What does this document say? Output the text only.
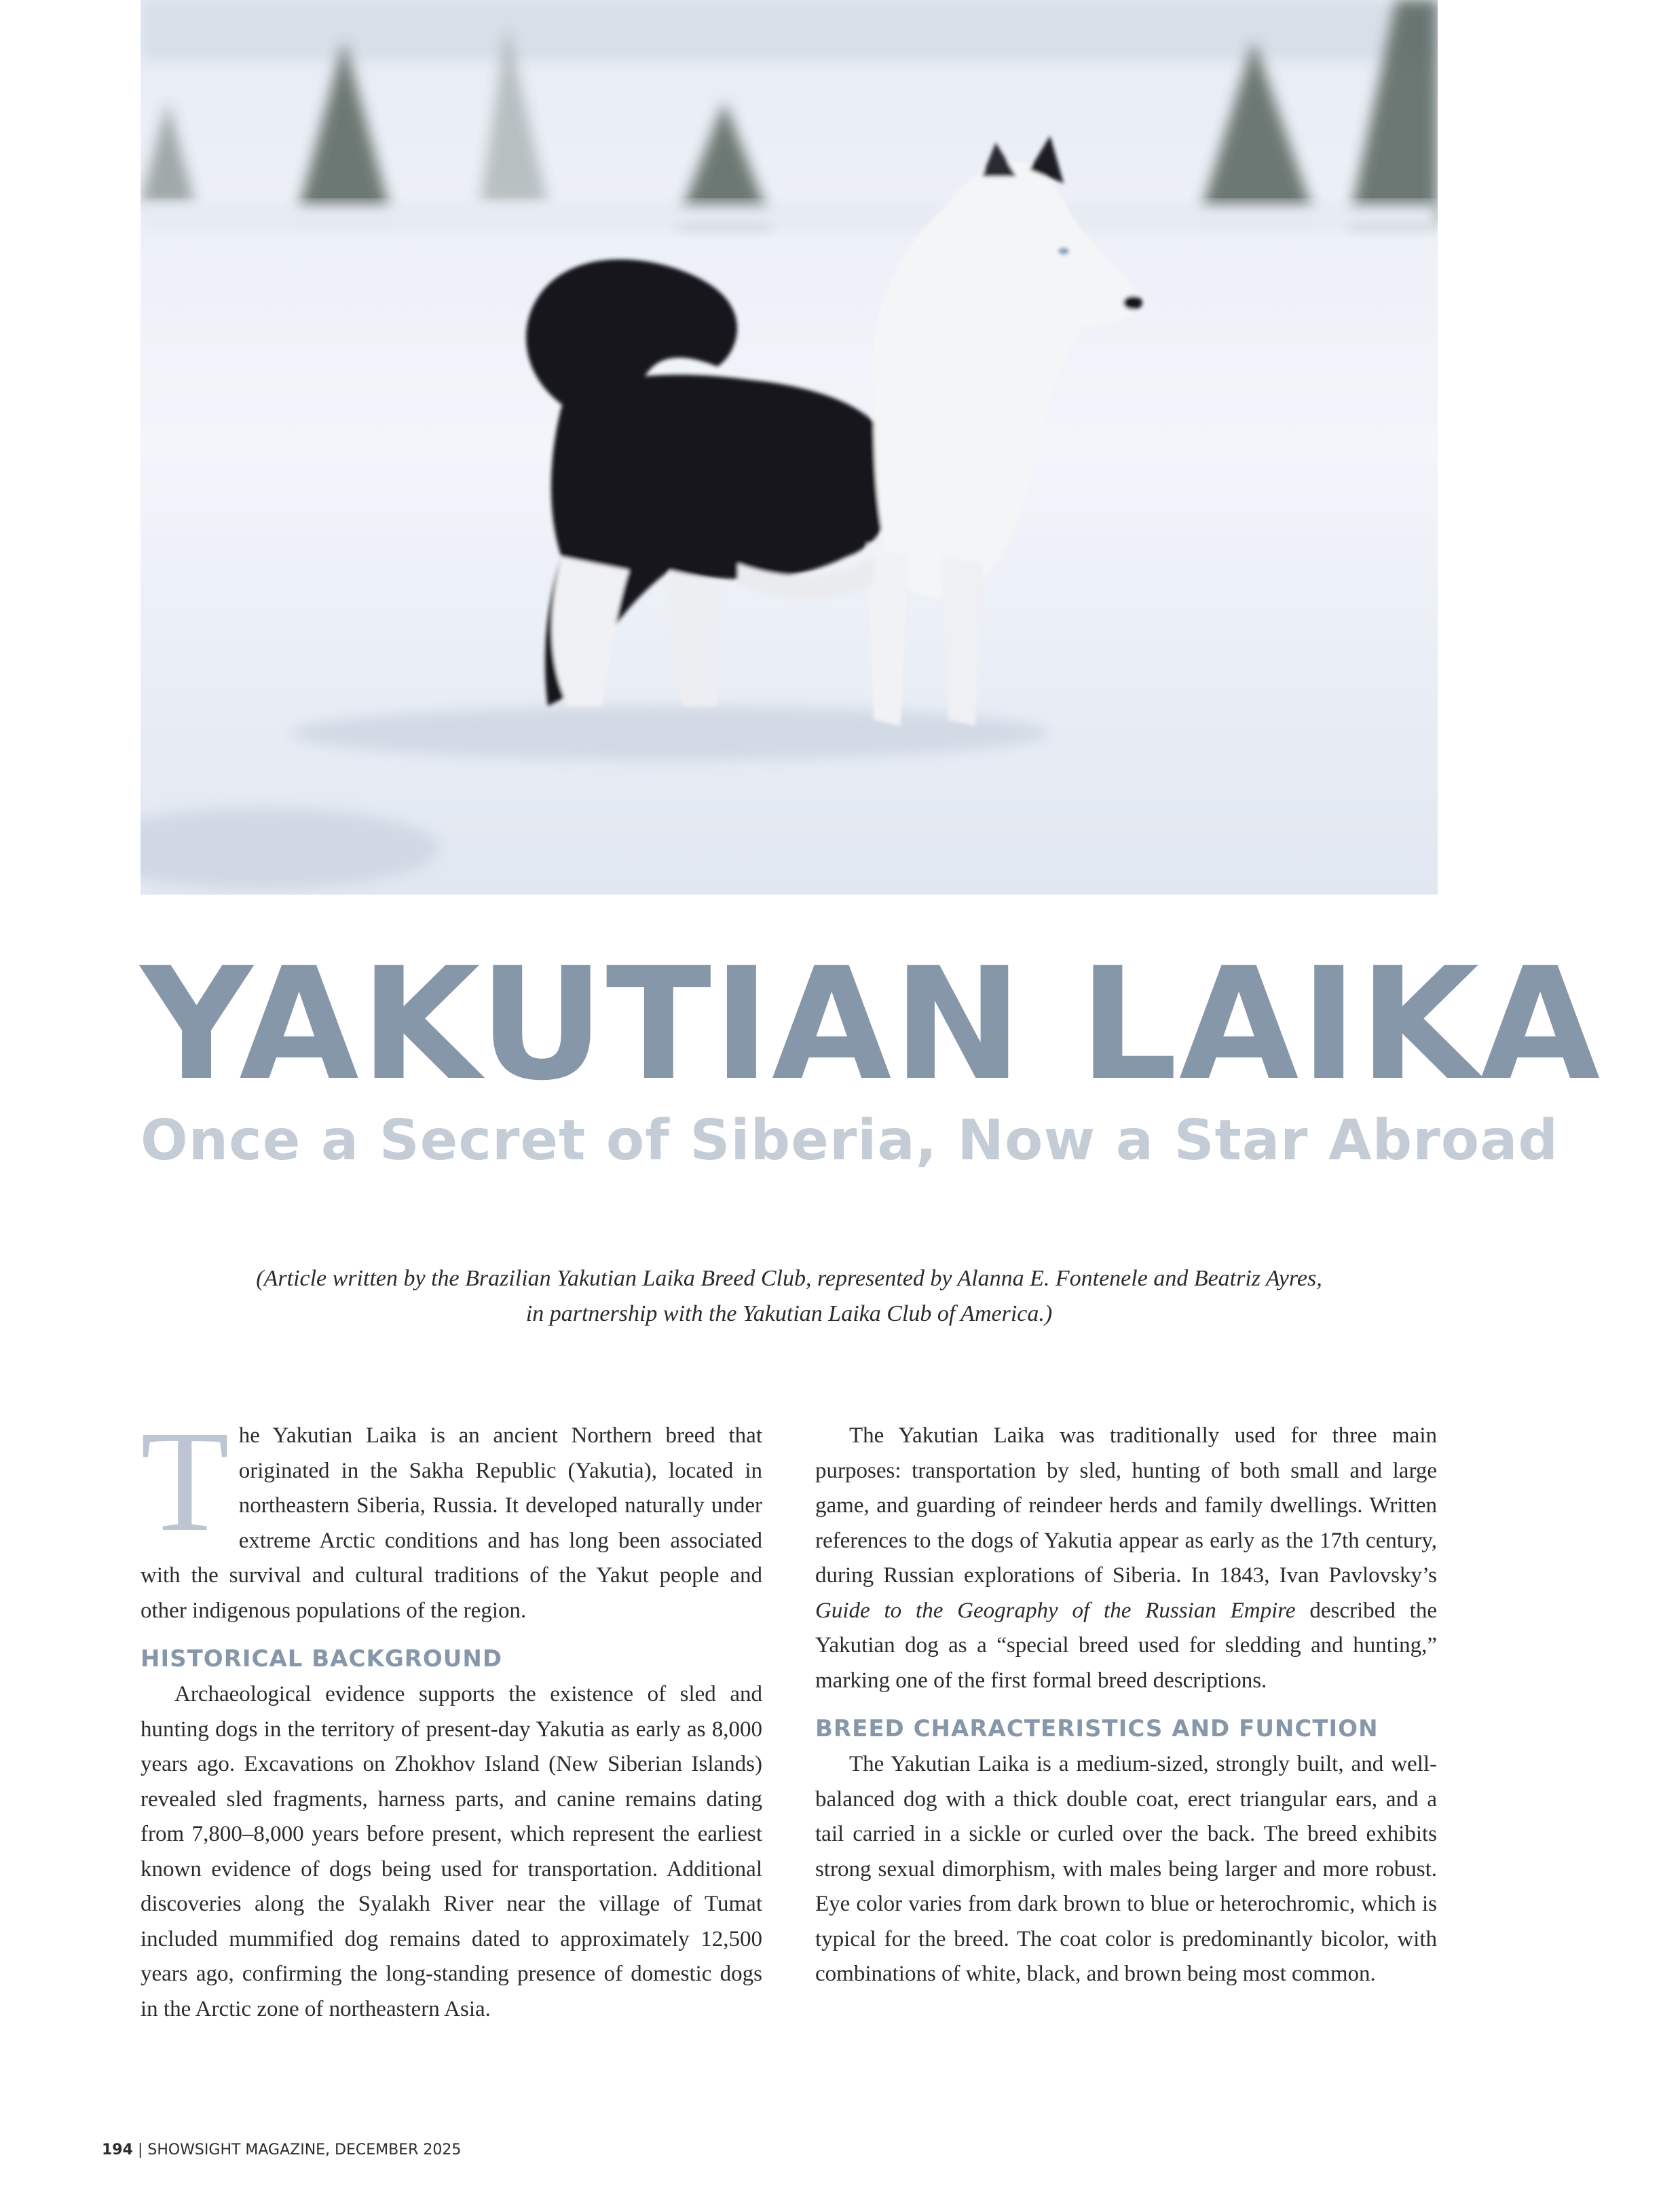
YAKUTIAN LAIKA
Once a Secret of Siberia, Now a Star Abroad
(Article written by the Brazilian Yakutian Laika Breed Club, represented by Alanna E. Fontenele and Beatriz Ayres,
in partnership with the Yakutian Laika Club of America.)

The Yakutian Laika is an ancient Northern breed that originated in the Sakha Republic (Yakutia), located in northeastern Siberia, Russia. It developed naturally under extreme Arctic conditions and has long been associated with the survival and cultural traditions of the Yakut people and other indigenous populations of the region.

HISTORICAL BACKGROUND

Archaeological evidence supports the existence of sled and hunting dogs in the territory of present-day Yakutia as early as 8,000 years ago. Excavations on Zhokhov Island (New Siberian Islands) revealed sled fragments, harness parts, and canine remains dating from 7,800–8,000 years before present, which represent the earliest known evidence of dogs being used for transportation. Additional discoveries along the Syalakh River near the village of Tumat included mummified dog remains dated to approximately 12,500 years ago, confirming the long-standing presence of domestic dogs in the Arctic zone of northeastern Asia.

The Yakutian Laika was traditionally used for three main purposes: transportation by sled, hunting of both small and large game, and guarding of reindeer herds and family dwellings. Written references to the dogs of Yakutia appear as early as the 17th century, during Russian explorations of Siberia. In 1843, Ivan Pavlovsky’s Guide to the Geography of the Russian Empire described the Yakutian dog as a “special breed used for sledding and hunting,” marking one of the first formal breed descriptions.

BREED CHARACTERISTICS AND FUNCTION

The Yakutian Laika is a medium-sized, strongly built, and well-balanced dog with a thick double coat, erect triangular ears, and a tail carried in a sickle or curled over the back. The breed exhibits strong sexual dimorphism, with males being larger and more robust. Eye color varies from dark brown to blue or heterochromic, which is typical for the breed. The coat color is predominantly bicolor, with combinations of white, black, and brown being most common.

194 | SHOWSIGHT MAGAZINE, DECEMBER 2025
